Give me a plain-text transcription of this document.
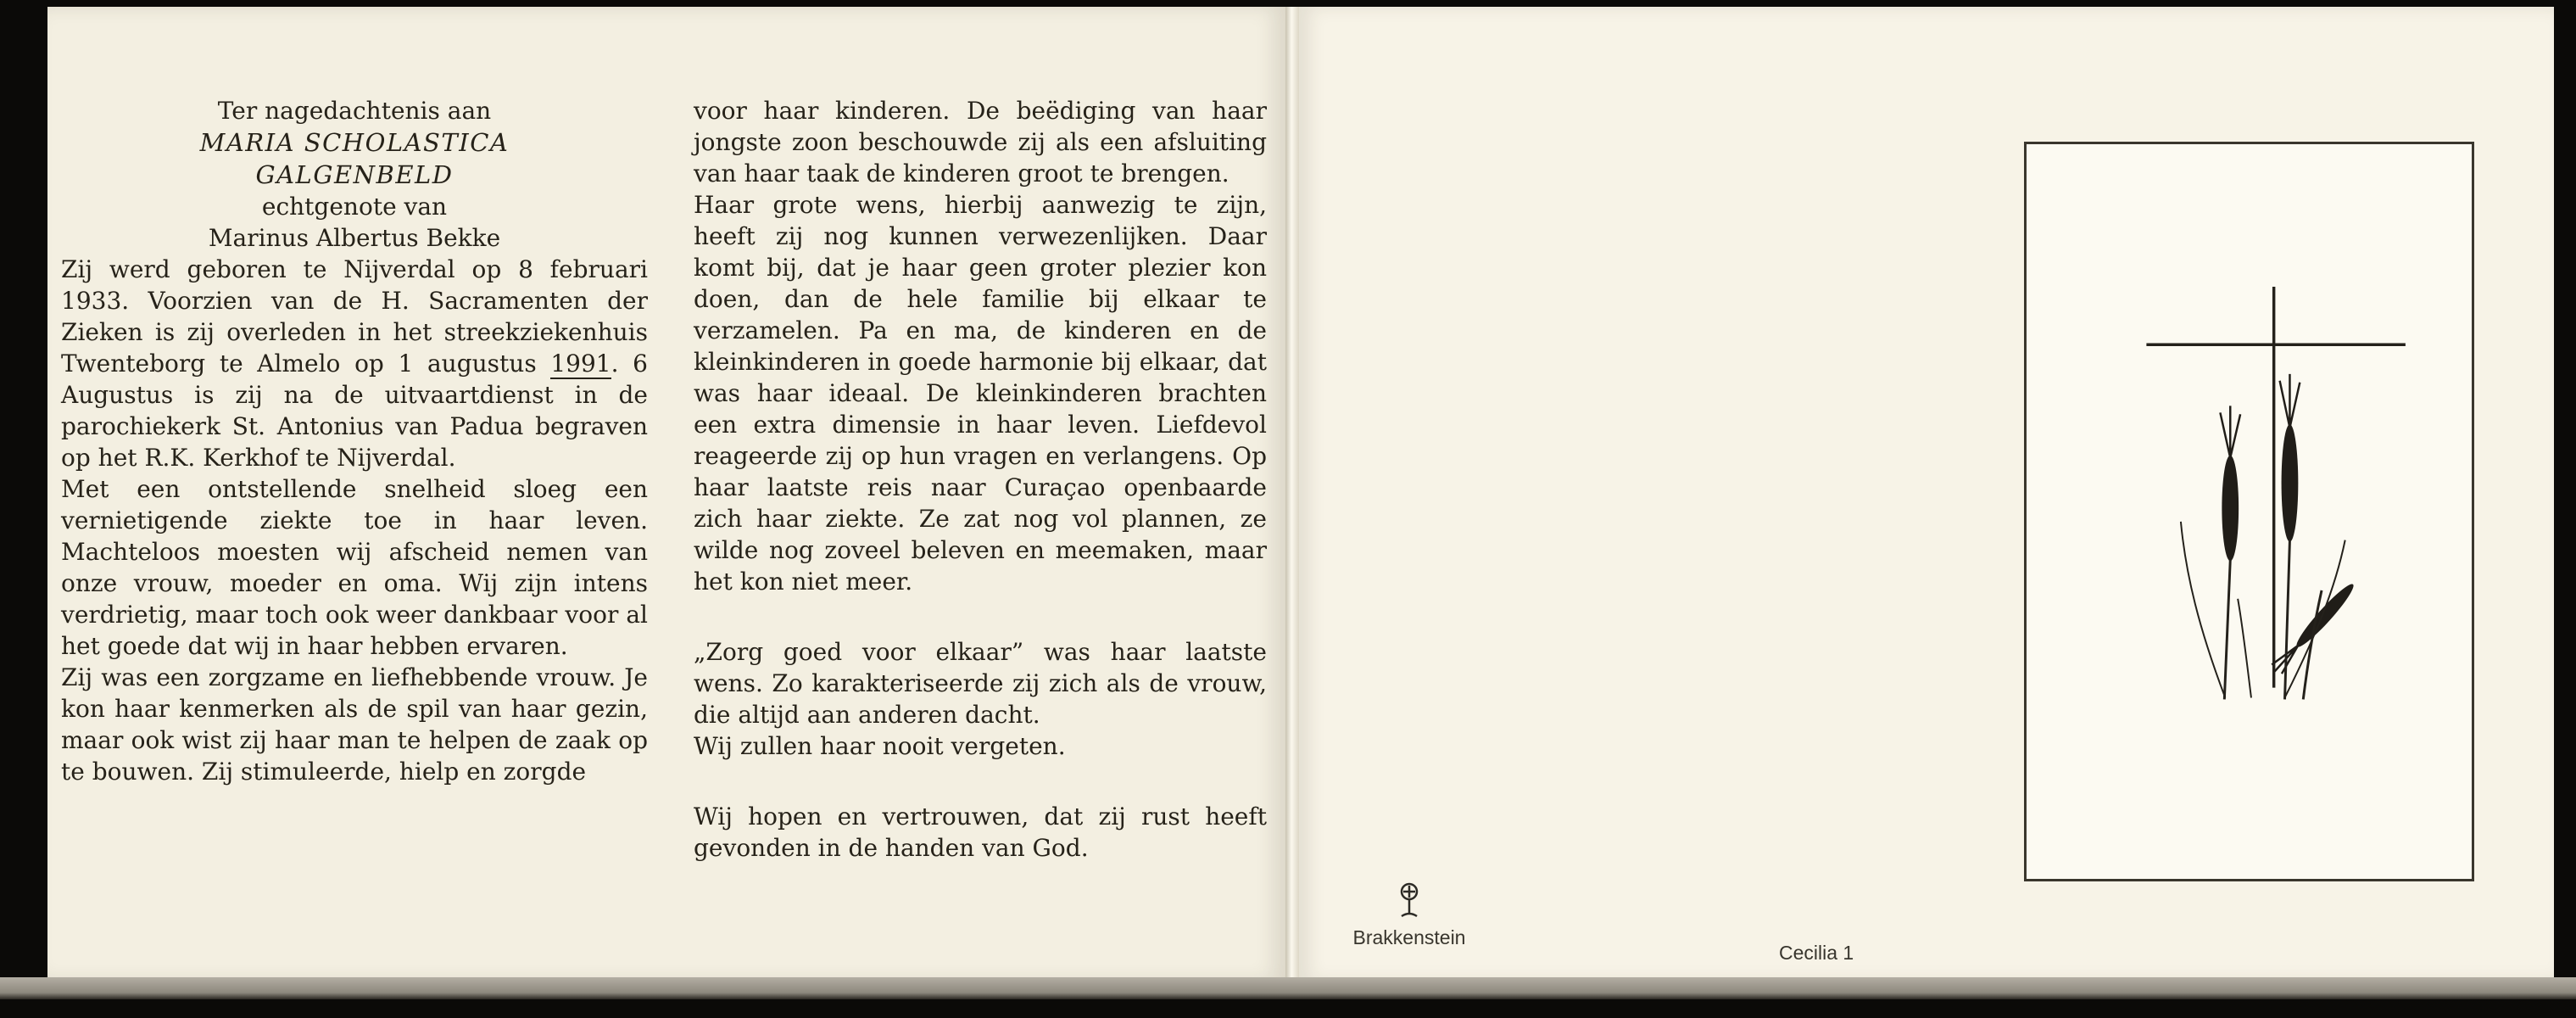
Ter nagedachtenis aan

MARIA SCHOLASTICA
GALGENBELD

echtgenote van

Marinus Albertus Bekke

Zij werd geboren te Nijverdal op 8 februari 1933. Voorzien van de H. Sacramenten der Zieken is zij overleden in het streekziekenhuis Twenteborg te Almelo op 1 augustus 1991. 6 Augustus is zij na de uitvaartdienst in de parochiekerk St. Antonius van Padua begraven op het R.K. Kerkhof te Nijverdal.

Met een ontstellende snelheid sloeg een vernietigende ziekte toe in haar leven. Machteloos moesten wij afscheid nemen van onze vrouw, moeder en oma. Wij zijn intens verdrietig, maar toch ook weer dankbaar voor al het goede dat wij in haar hebben ervaren.

Zij was een zorgzame en liefhebbende vrouw. Je kon haar kenmerken als de spil van haar gezin, maar ook wist zij haar man te helpen de zaak op te bouwen. Zij stimuleerde, hielp en zorgde

voor haar kinderen. De beëdiging van haar jongste zoon beschouwde zij als een afsluiting van haar taak de kinderen groot te brengen.

Haar grote wens, hierbij aanwezig te zijn, heeft zij nog kunnen verwezenlijken. Daar komt bij, dat je haar geen groter plezier kon doen, dan de hele familie bij elkaar te verzamelen. Pa en ma, de kinderen en de kleinkinderen in goede harmonie bij elkaar, dat was haar ideaal. De kleinkinderen brachten een extra dimensie in haar leven. Liefdevol reageerde zij op hun vragen en verlangens. Op haar laatste reis naar Curaçao openbaarde zich haar ziekte. Ze zat nog vol plannen, ze wilde nog zoveel beleven en meemaken, maar het kon niet meer.

„Zorg goed voor elkaar” was haar laatste wens. Zo karakteriseerde zij zich als de vrouw, die altijd aan anderen dacht.

Wij zullen haar nooit vergeten.

Wij hopen en vertrouwen, dat zij rust heeft gevonden in de handen van God.

Brakkenstein
Cecilia 1
